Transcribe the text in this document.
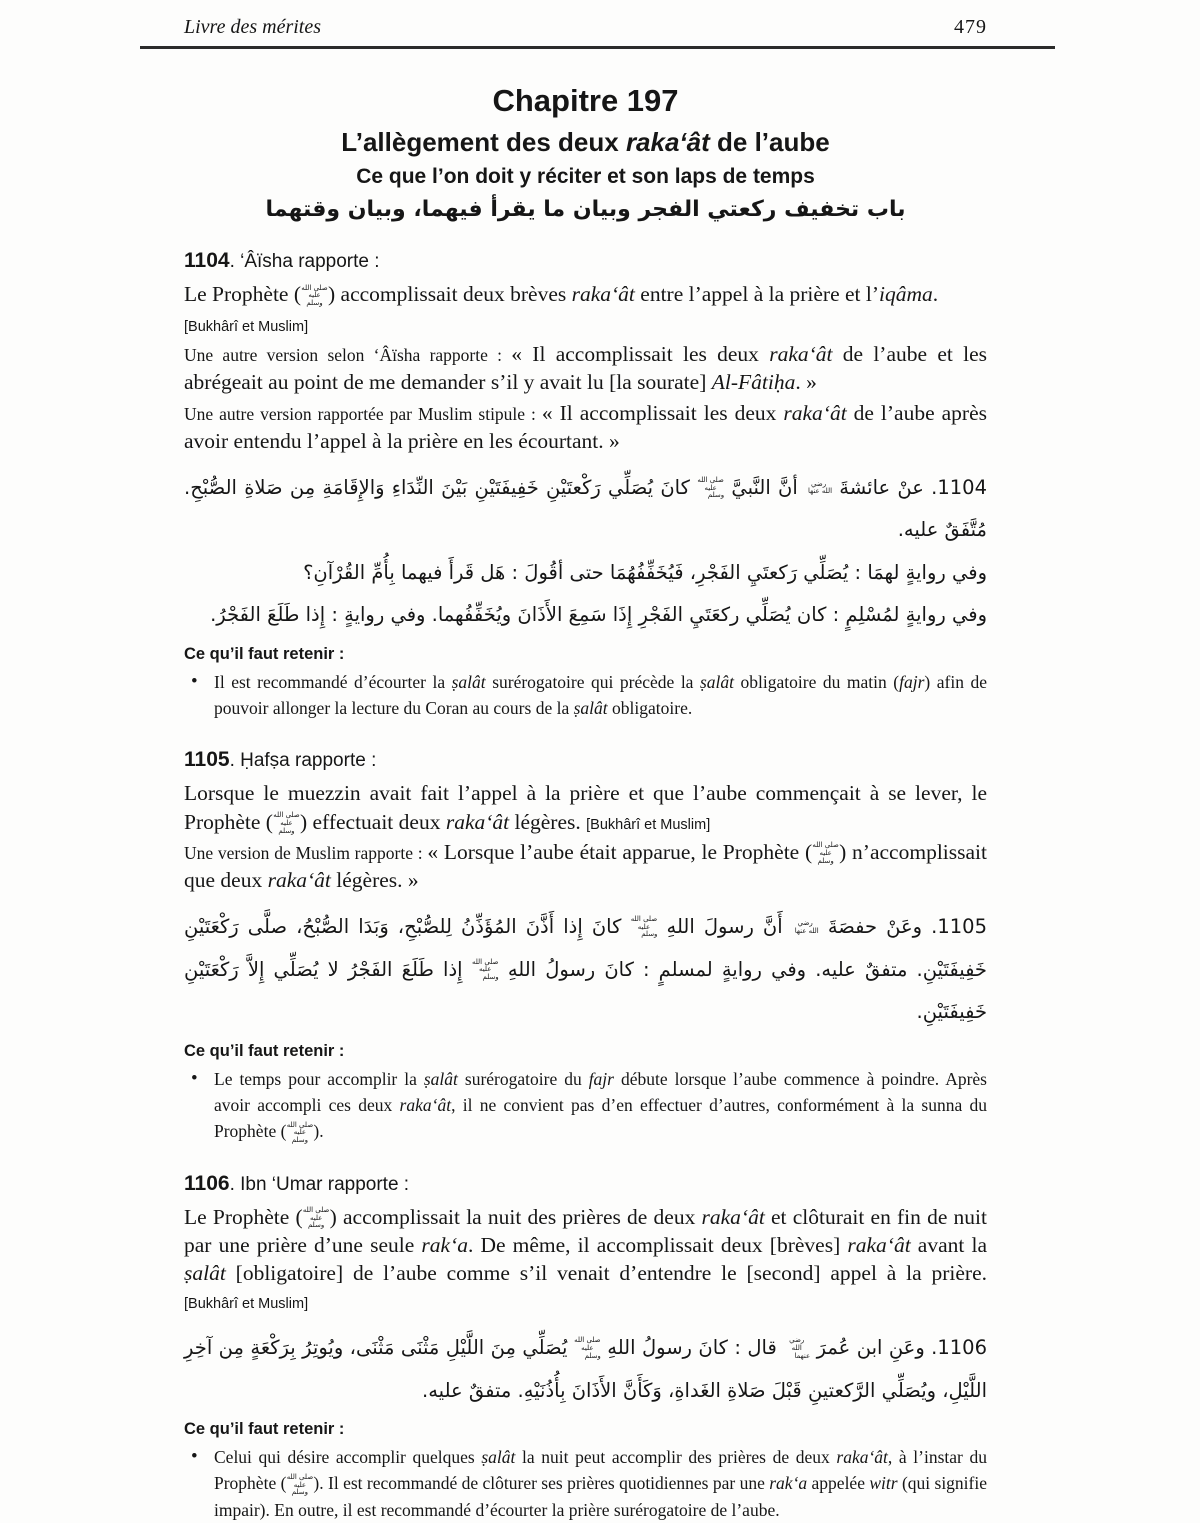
Livre des mérites	479
Chapitre 197
L’allègement des deux raka‘ât de l’aube
Ce que l’on doit y réciter et son laps de temps
باب تخفيف ركعتي الفجر وبيان ما يقرأ فيهما، وبيان وقتهما
1104. ‘Âïsha rapporte :

Le Prophète (صلى الله عليه وسلم ) accomplissait deux brèves raka‘ât entre l’appel à la prière et l’iqâma.

[Bukhârî et Muslim]

Une autre version selon ‘Âïsha rapporte : « Il accomplissait les deux raka‘ât de l’aube et les abrégeait au point de me demander s’il y avait lu [la sourate] Al-Fâtiḥa. »

Une autre version rapportée par Muslim stipule : « Il accomplissait les deux raka‘ât de l’aube après avoir entendu l’appel à la prière en les écourtant. »

1104. عنْ عائشةَ رضي الله عنها أنَّ النَّبيَّ صلى الله عليه وسلم كانَ يُصَلِّي رَكْعتَيْنِ خَفِيفَتَيْنِ بَيْنَ النِّدَاءِ وَالإِقَامَةِ مِن صَلاةِ الصُّبْحِ. مُتَّفَقٌ عليه.

وفي روايةٍ لهمَا : يُصَلِّي رَكعتَيِ الفَجْرِ، فَيُخَفِّفُهُمَا حتى أقُولَ : هَل قَرأَ فيهما بِأُمِّ القُرْآنِ؟

وفي روايةٍ لمُسْلِمٍ : كان يُصَلِّي ركعَتَيِ الفَجْرِ إِذَا سَمِعَ الأَذَانَ ويُخَفِّفُهما. وفي روايةٍ : إِذا طَلَعَ الفَجْرُ.

Ce qu’il faut retenir :
• Il est recommandé d’écourter la ṣalât surérogatoire qui précède la ṣalât obligatoire du matin (fajr) afin de pouvoir allonger la lecture du Coran au cours de la ṣalât obligatoire.
1105. Ḥafṣa rapporte :

Lorsque le muezzin avait fait l’appel à la prière et que l’aube commençait à se lever, le Prophète (صلى الله عليه وسلم ) effectuait deux raka‘ât légères. [Bukhârî et Muslim]

Une version de Muslim rapporte : « Lorsque l’aube était apparue, le Prophète (صلى الله عليه وسلم ) n’accomplissait que deux raka‘ât légères. »

1105. وعَنْ حفصَةَ رضي الله عنها أَنَّ رسولَ اللهِ صلى الله عليه وسلم كانَ إِذا أَذَّنَ المُؤَذِّنُ لِلصُّبْحِ، وَبَدَا الصُّبْحُ، صلَّى رَكْعَتَيْنِ خَفِيفَتَيْنِ. متفقٌ عليه. وفي روايةٍ لمسلمٍ : كانَ رسولُ اللهِ صلى الله عليه وسلم إِذا طَلَعَ الفَجْرُ لا يُصَلِّي إِلاَّ رَكْعَتَيْنِ خَفِيفَتَيْنِ.

Ce qu’il faut retenir :
• Le temps pour accomplir la ṣalât surérogatoire du fajr débute lorsque l’aube commence à poindre. Après avoir accompli ces deux raka‘ât, il ne convient pas d’en effectuer d’autres, conformément à la sunna du Prophète (صلى الله عليه وسلم ).
1106. Ibn ‘Umar rapporte :

Le Prophète (صلى الله عليه وسلم ) accomplissait la nuit des prières de deux raka‘ât et clôturait en fin de nuit par une prière d’une seule rak‘a. De même, il accomplissait deux [brèves] raka‘ât avant la ṣalât [obligatoire] de l’aube comme s’il venait d’entendre le [second] appel à la prière. [Bukhârî et Muslim]

1106. وعَنِ ابن عُمرَ رضي الله عنهما قال : كانَ رسولُ اللهِ صلى الله عليه وسلم يُصَلِّي مِنَ اللَّيْلِ مَثْنَى مَثْنَى، ويُوتِرُ بِرَكْعَةٍ مِن آخِرِ اللَّيْلِ، ويُصَلِّي الرَّكعتينِ قَبْلَ صَلاةِ الغَداةِ، وَكَأَنَّ الأَذَانَ بِأُذُنَيْهِ. متفقٌ عليه.

Ce qu’il faut retenir :
• Celui qui désire accomplir quelques ṣalât la nuit peut accomplir des prières de deux raka‘ât, à l’instar du Prophète (صلى الله عليه وسلم ). Il est recommandé de clôturer ses prières quotidiennes par une rak‘a appelée witr (qui signifie impair). En outre, il est recommandé d’écourter la prière surérogatoire de l’aube.
